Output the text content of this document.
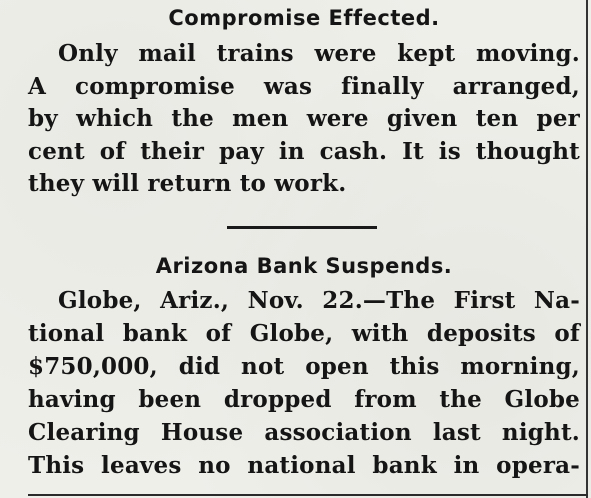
Compromise Effected.
Only mail trains were kept moving.
A compromise was finally arranged,
by which the men were given ten per
cent of their pay in cash. It is thought
they will return to work.
Arizona Bank Suspends.
Globe, Ariz., Nov. 22.—The First Na-
tional bank of Globe, with deposits of
$750,000, did not open this morning,
having been dropped from the Globe
Clearing House association last night.
This leaves no national bank in opera-
